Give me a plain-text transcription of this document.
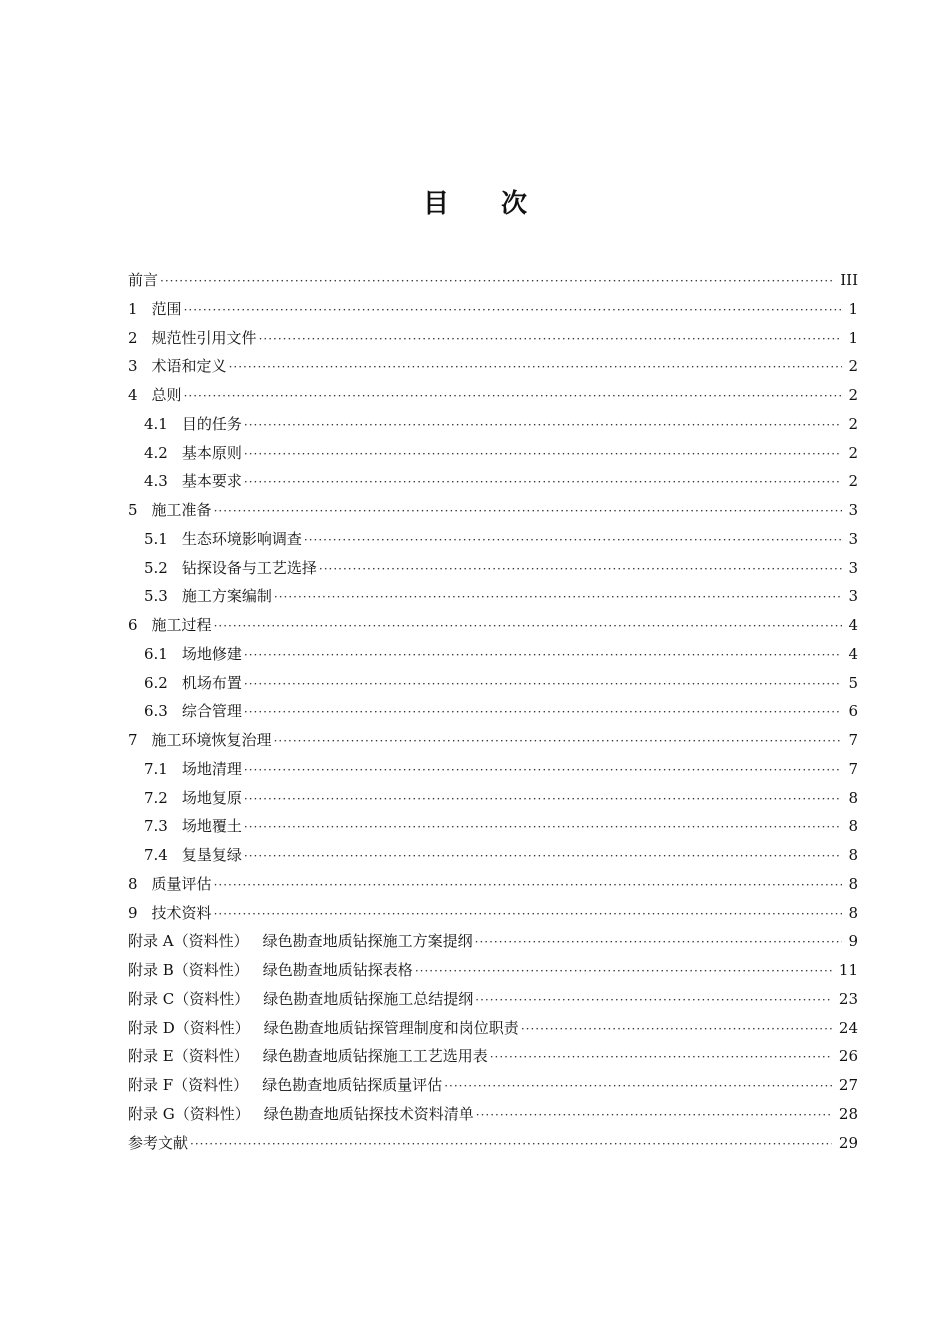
目 次
前言 ·····	III
1 范围 ·····	1
2 规范性引用文件 ·····	1
3 术语和定义 ·····	2
4 总则 ·····	2
4.1 目的任务 ·····	2
4.2 基本原则 ·····	2
4.3 基本要求 ·····	2
5 施工准备 ·····	3
5.1 生态环境影响调查 ·····	3
5.2 钻探设备与工艺选择 ·····	3
5.3 施工方案编制 ·····	3
6 施工过程 ·····	4
6.1 场地修建 ·····	4
6.2 机场布置 ·····	5
6.3 综合管理 ·····	6
7 施工环境恢复治理 ·····	7
7.1 场地清理 ·····	7
7.2 场地复原 ·····	8
7.3 场地覆土 ·····	8
7.4 复垦复绿 ·····	8
8 质量评估 ·····	8
9 技术资料 ·····	8
附录 A（资料性） 绿色勘查地质钻探施工方案提纲 ·····	9
附录 B（资料性） 绿色勘查地质钻探表格 ·····	11
附录 C（资料性） 绿色勘查地质钻探施工总结提纲 ·····	23
附录 D（资料性） 绿色勘查地质钻探管理制度和岗位职责 ·····	24
附录 E（资料性） 绿色勘查地质钻探施工工艺选用表 ·····	26
附录 F（资料性） 绿色勘查地质钻探质量评估 ·····	27
附录 G（资料性） 绿色勘查地质钻探技术资料清单 ·····	28
参考文献 ·····	29
